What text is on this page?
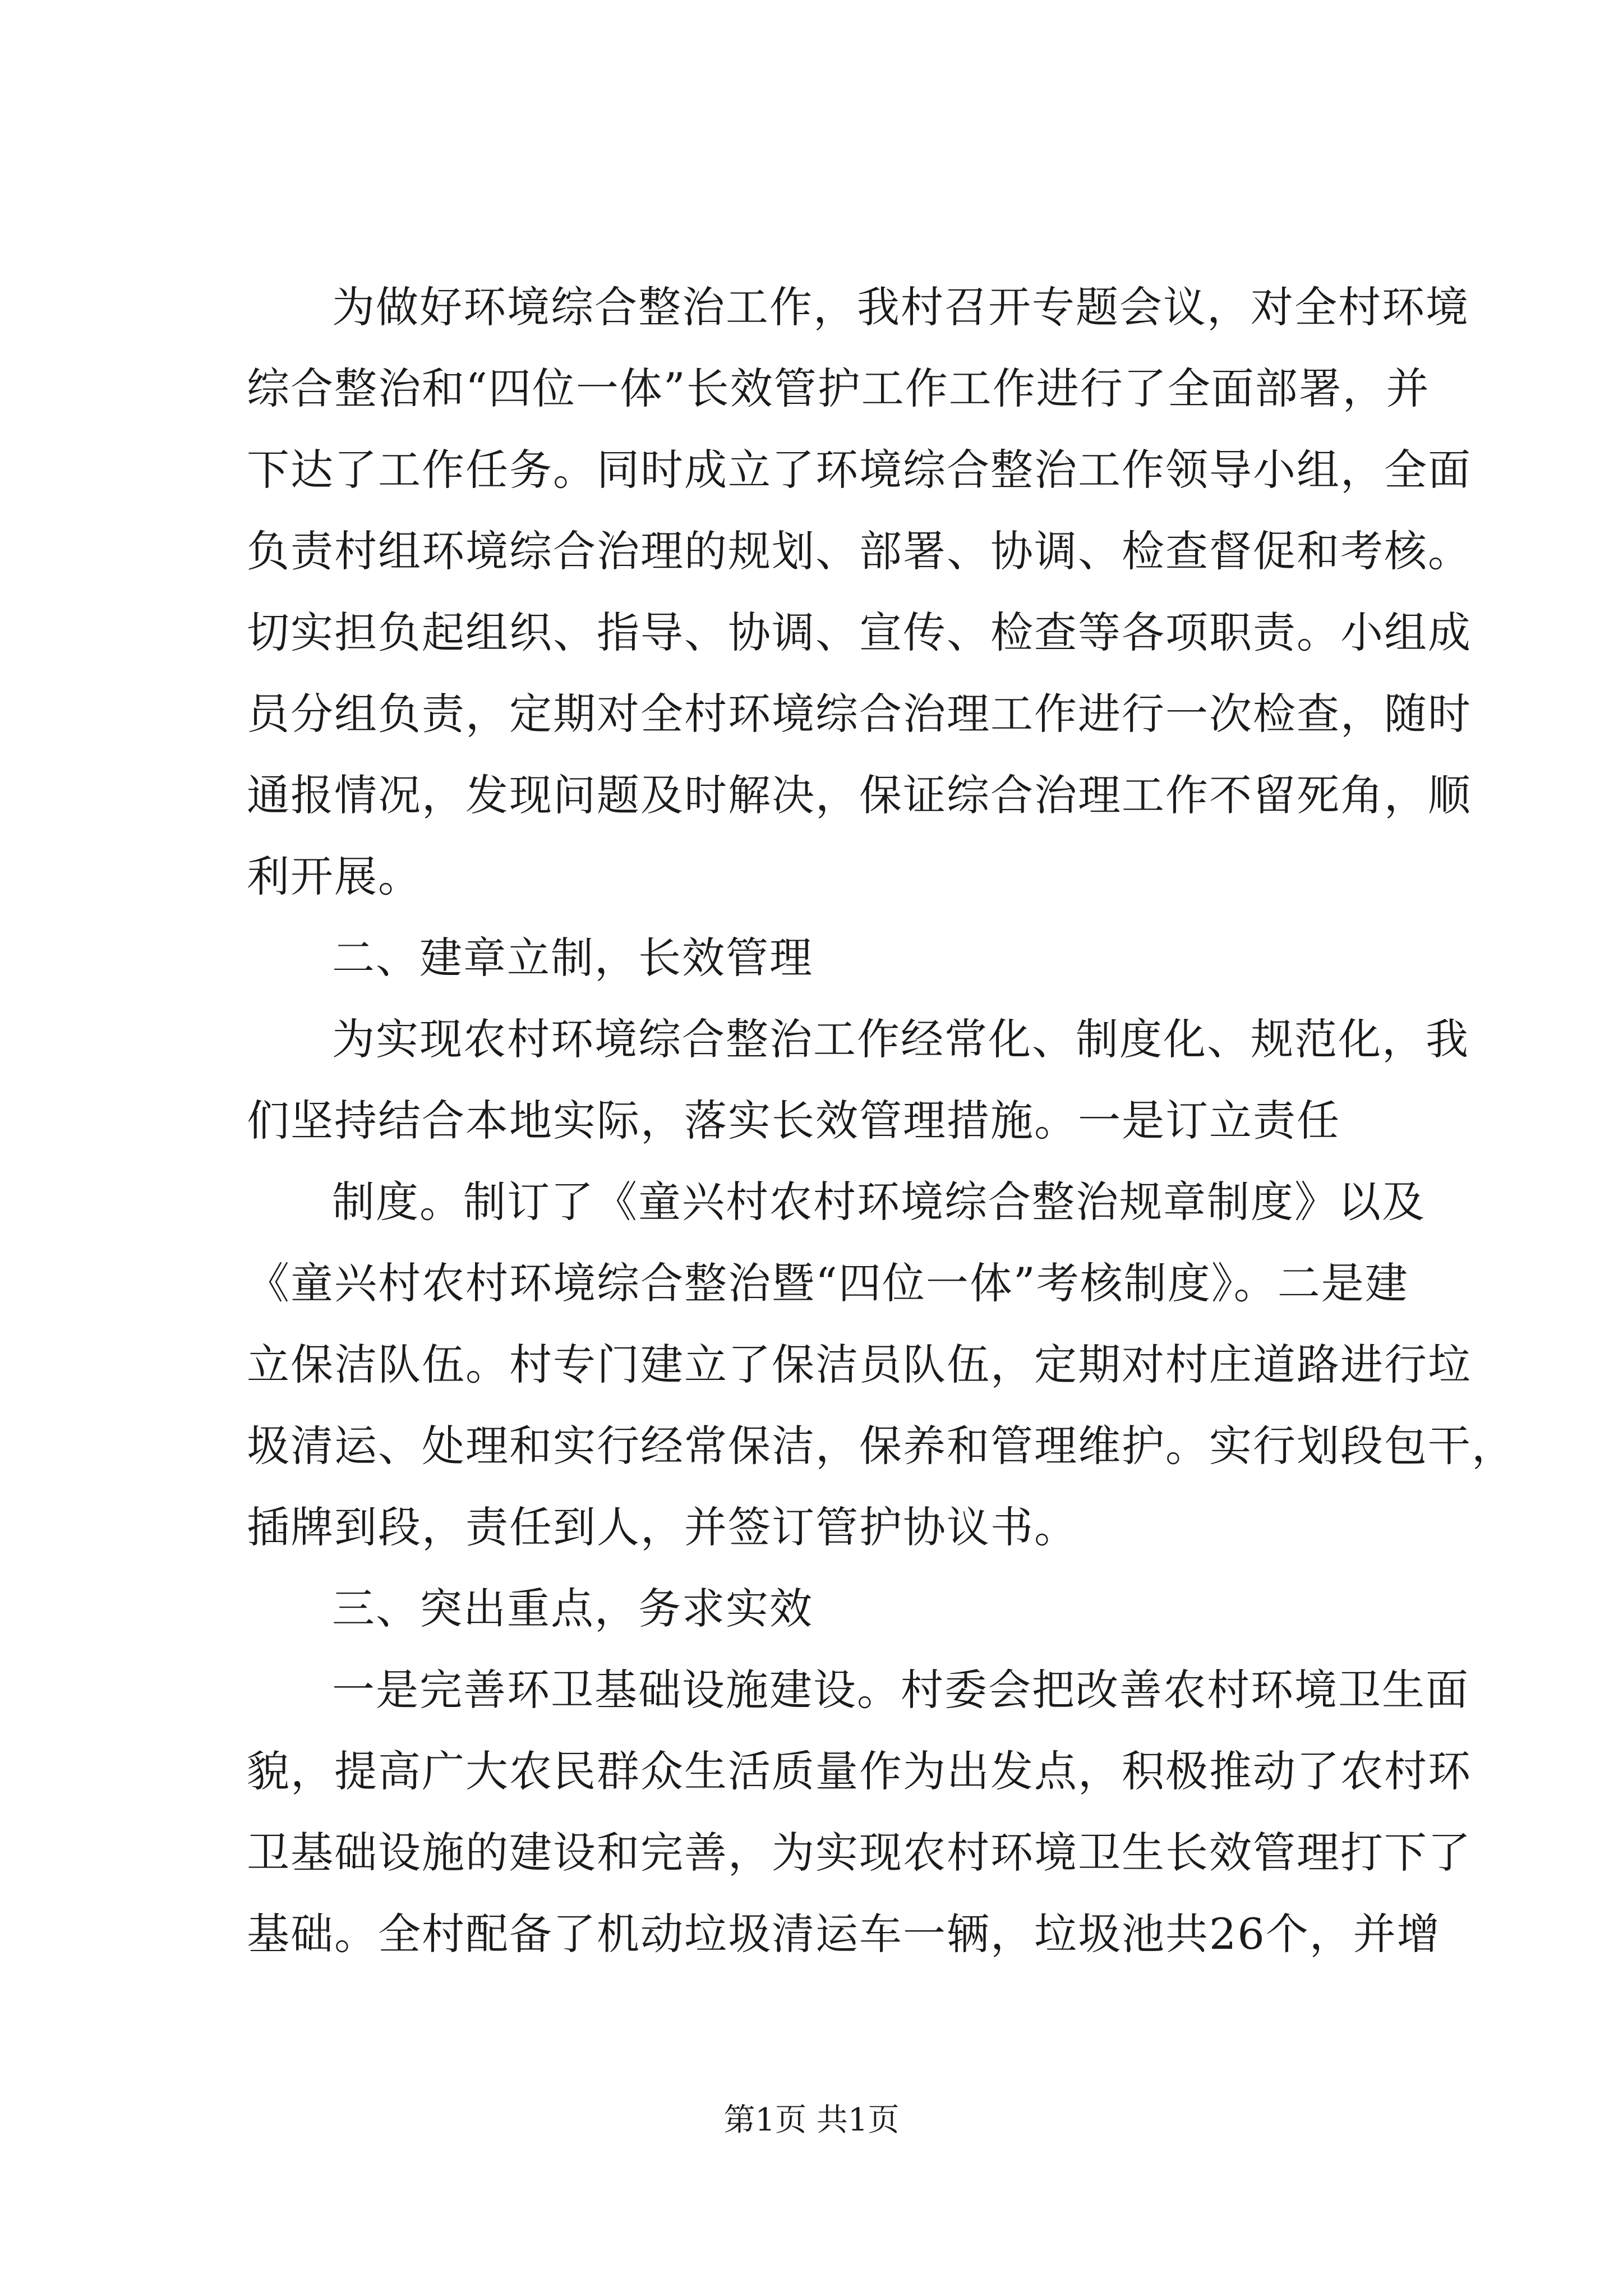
为做好环境综合整治工作，我村召开专题会议，对全村环境
综合整治和“四位一体”长效管护工作工作进行了全面部署，并
下达了工作任务。同时成立了环境综合整治工作领导小组，全面
负责村组环境综合治理的规划、部署、协调、检查督促和考核。
切实担负起组织、指导、协调、宣传、检查等各项职责。小组成
员分组负责，定期对全村环境综合治理工作进行一次检查，随时
通报情况，发现问题及时解决，保证综合治理工作不留死角，顺
利开展。
二、建章立制，长效管理
为实现农村环境综合整治工作经常化、制度化、规范化，我
们坚持结合本地实际，落实长效管理措施。一是订立责任
制度。制订了《童兴村农村环境综合整治规章制度》以及
《童兴村农村环境综合整治暨“四位一体”考核制度》。二是建
立保洁队伍。村专门建立了保洁员队伍，定期对村庄道路进行垃
圾清运、处理和实行经常保洁，保养和管理维护。实行划段包干，
插牌到段，责任到人，并签订管护协议书。
三、突出重点，务求实效
一是完善环卫基础设施建设。村委会把改善农村环境卫生面
貌，提高广大农民群众生活质量作为出发点，积极推动了农村环
卫基础设施的建设和完善，为实现农村环境卫生长效管理打下了
基础。全村配备了机动垃圾清运车一辆，垃圾池共26个，并增
第1页 共1页
